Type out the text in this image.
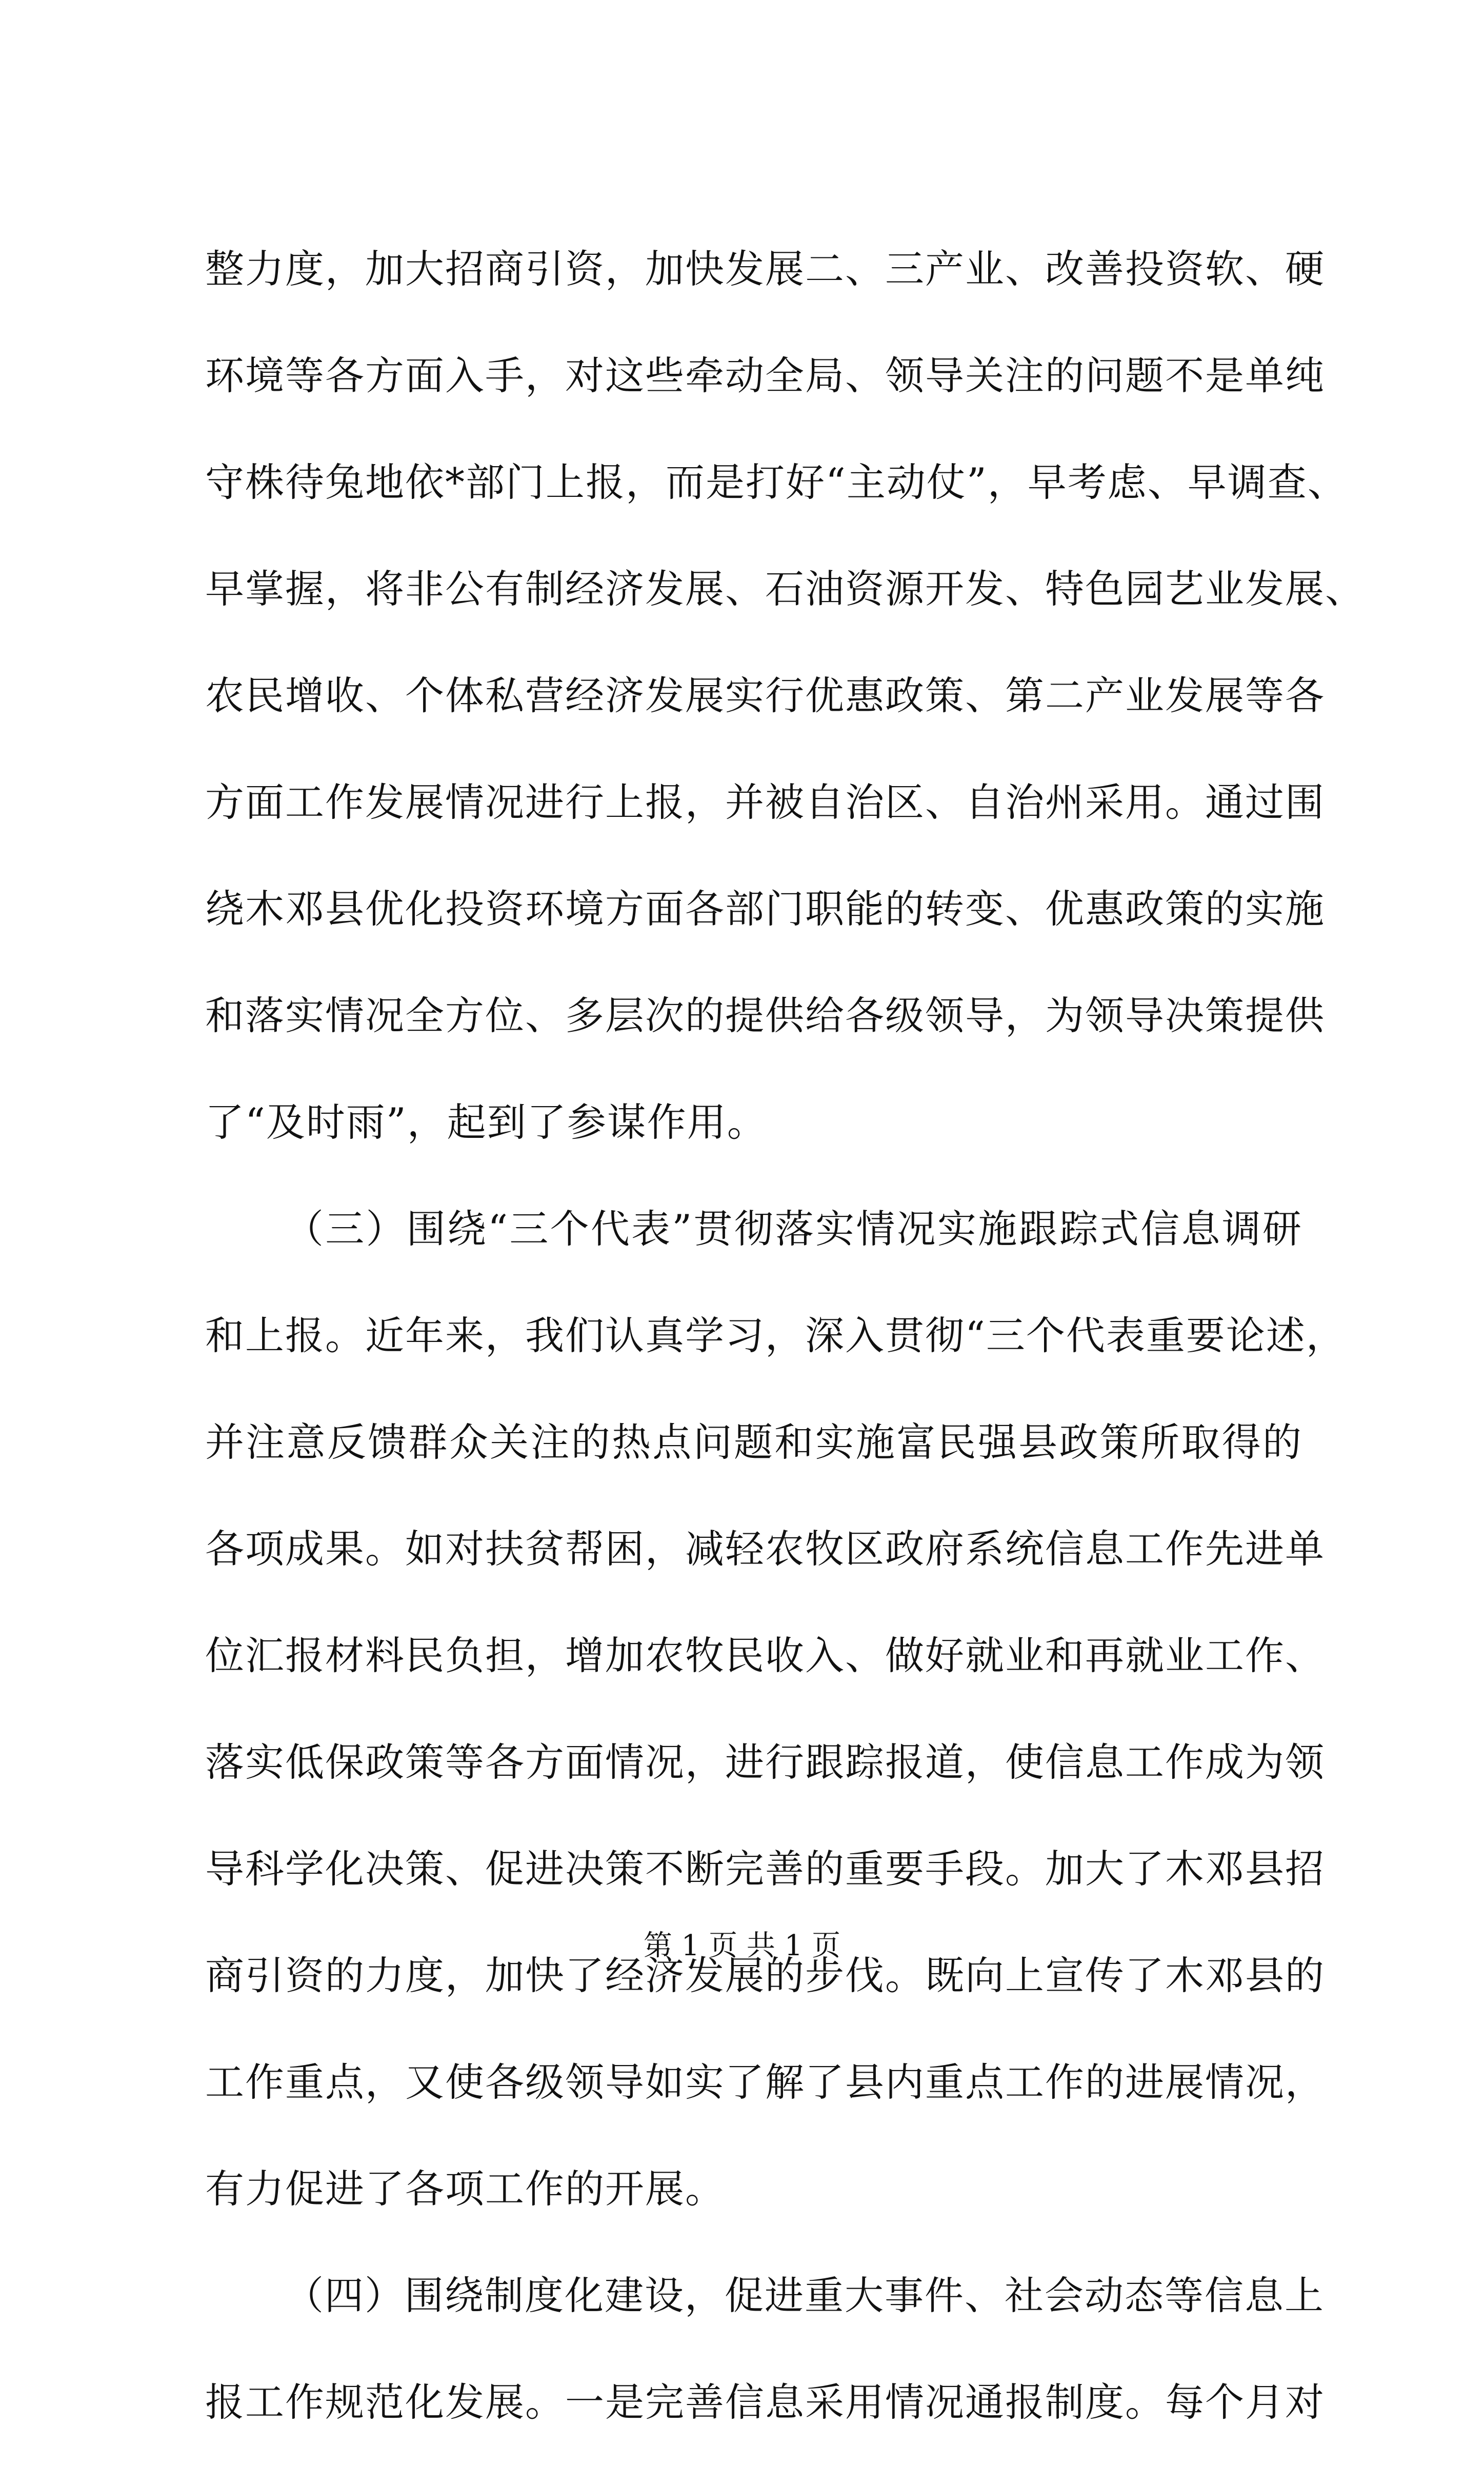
整力度，加大招商引资，加快发展二、三产业、改善投资软、硬
环境等各方面入手，对这些牵动全局、领导关注的问题不是单纯
守株待兔地依*部门上报，而是打好“主动仗”，早考虑、早调查、
早掌握，将非公有制经济发展、石油资源开发、特色园艺业发展、
农民增收、个体私营经济发展实行优惠政策、第二产业发展等各
方面工作发展情况进行上报，并被自治区、自治州采用。通过围
绕木邓县优化投资环境方面各部门职能的转变、优惠政策的实施
和落实情况全方位、多层次的提供给各级领导，为领导决策提供
了“及时雨”，起到了参谋作用。
（三）围绕“三个代表”贯彻落实情况实施跟踪式信息调研
和上报。近年来，我们认真学习，深入贯彻“三个代表重要论述，
并注意反馈群众关注的热点问题和实施富民强县政策所取得的
各项成果。如对扶贫帮困，减轻农牧区政府系统信息工作先进单
位汇报材料民负担，增加农牧民收入、做好就业和再就业工作、
落实低保政策等各方面情况，进行跟踪报道，使信息工作成为领
导科学化决策、促进决策不断完善的重要手段。加大了木邓县招
商引资的力度，加快了经济发展的步伐。既向上宣传了木邓县的
工作重点，又使各级领导如实了解了县内重点工作的进展情况，
有力促进了各项工作的开展。
（四）围绕制度化建设，促进重大事件、社会动态等信息上
报工作规范化发展。一是完善信息采用情况通报制度。每个月对
第 1 页 共 1 页
